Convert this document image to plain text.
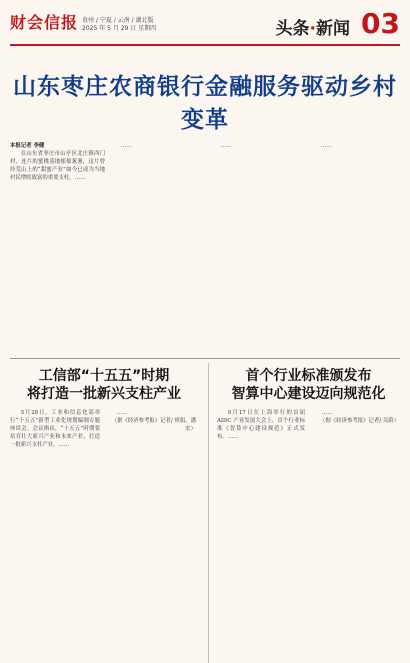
财会信报 贵州 / 宁夏 / 云南 / 湖北版
2025 年 5 月 29 日 星期四	头条·新闻 03
山东枣庄农商银行金融服务驱动乡村变革
本报记者 李健

在山东省枣庄市山亭区北庄镇西门村，连片的蜜桃基地郁郁葱葱，这片曾经荒山上的“甜蜜产业”如今已成为当地村民增收致富的重要支柱。……

……	……	……

工信部“十五五”时期
将打造一批新兴支柱产业

5月28日，工业和信息化部举行“十五五”新型工业化规划编制专题座谈会。会议指出，“十五五”时期要培育壮大新兴产业和未来产业，打造一批新兴支柱产业。……

……

（据《经济参考报》记者/ 班娟、潘宏）
首个行业标准颁发布
智算中心建设迈向规范化

9月17日在上海举行的首届 AIDC 产业发展大会上，首个行业标准《智算中心建设规范》正式发布。……

……

（据《经济参考报》记者/ 吴蔚）
